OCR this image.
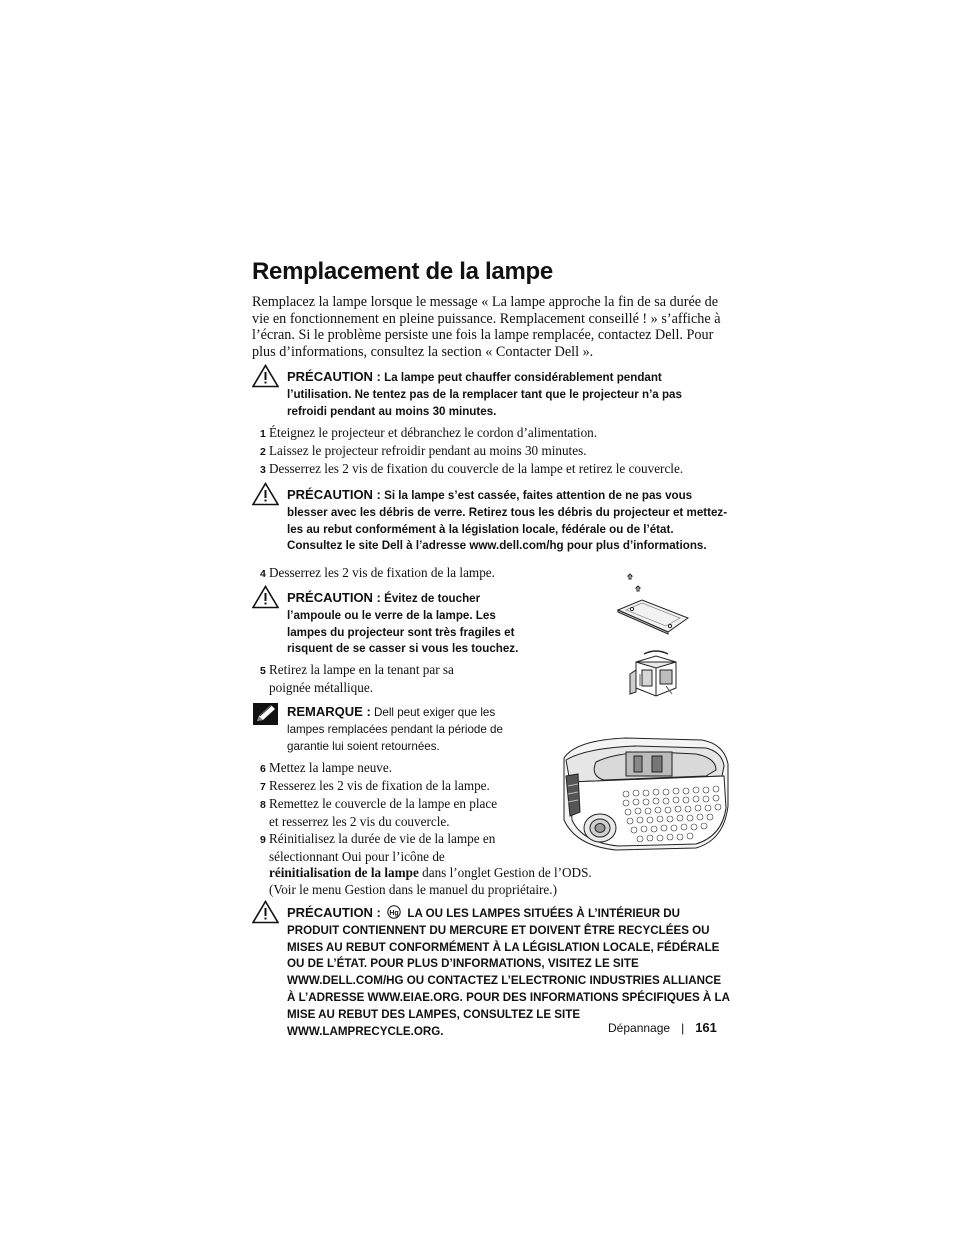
Remplacement de la lampe

Remplacez la lampe lorsque le message « La lampe approche la fin de sa durée de vie en fonctionnement en pleine puissance. Remplacement conseillé ! » s’affiche à l’écran. Si le problème persiste une fois la lampe remplacée, contactez Dell. Pour plus d’informations, consultez la section « Contacter Dell ».

PRÉCAUTION : La lampe peut chauffer considérablement pendant l’utilisation. Ne tentez pas de la remplacer tant que le projecteur n’a pas refroidi pendant au moins 30 minutes.

1 Éteignez le projecteur et débranchez le cordon d’alimentation.

2 Laissez le projecteur refroidir pendant au moins 30 minutes.

3 Desserrez les 2 vis de fixation du couvercle de la lampe et retirez le couvercle.

PRÉCAUTION : Si la lampe s’est cassée, faites attention de ne pas vous blesser avec les débris de verre. Retirez tous les débris du projecteur et mettez-les au rebut conformément à la législation locale, fédérale ou de l’état. Consultez le site Dell à l’adresse www.dell.com/hg pour plus d’informations.

4 Desserrez les 2 vis de fixation de la lampe.

PRÉCAUTION : Évitez de toucher l’ampoule ou le verre de la lampe. Les lampes du projecteur sont très fragiles et risquent de se casser si vous les touchez.

5 Retirez la lampe en la tenant par sa
poignée métallique.

REMARQUE : Dell peut exiger que les lampes remplacées pendant la période de garantie lui soient retournées.

6 Mettez la lampe neuve.

7 Resserez les 2 vis de fixation de la lampe.

8 Remettez le couvercle de la lampe en place
et resserrez les 2 vis du couvercle.

9 Réinitialisez la durée de vie de la lampe en
sélectionnant Oui pour l’icône de
réinitialisation de la lampe dans l’onglet Gestion de l’ODS.
(Voir le menu Gestion dans le manuel du propriétaire.)

PRÉCAUTION : Hg LA OU LES LAMPES SITUÉES À L’INTÉRIEUR DU PRODUIT CONTIENNENT DU MERCURE ET DOIVENT ÊTRE RECYCLÉES OU MISES AU REBUT CONFORMÉMENT À LA LÉGISLATION LOCALE, FÉDÉRALE OU DE L’ÉTAT. POUR PLUS D’INFORMATIONS, VISITEZ LE SITE WWW.DELL.COM/HG OU CONTACTEZ L’ELECTRONIC INDUSTRIES ALLIANCE À L’ADRESSE WWW.EIAE.ORG. POUR DES INFORMATIONS SPÉCIFIQUES À LA MISE AU REBUT DES LAMPES, CONSULTEZ LE SITE WWW.LAMPRECYCLE.ORG.	Dépannage | 161
